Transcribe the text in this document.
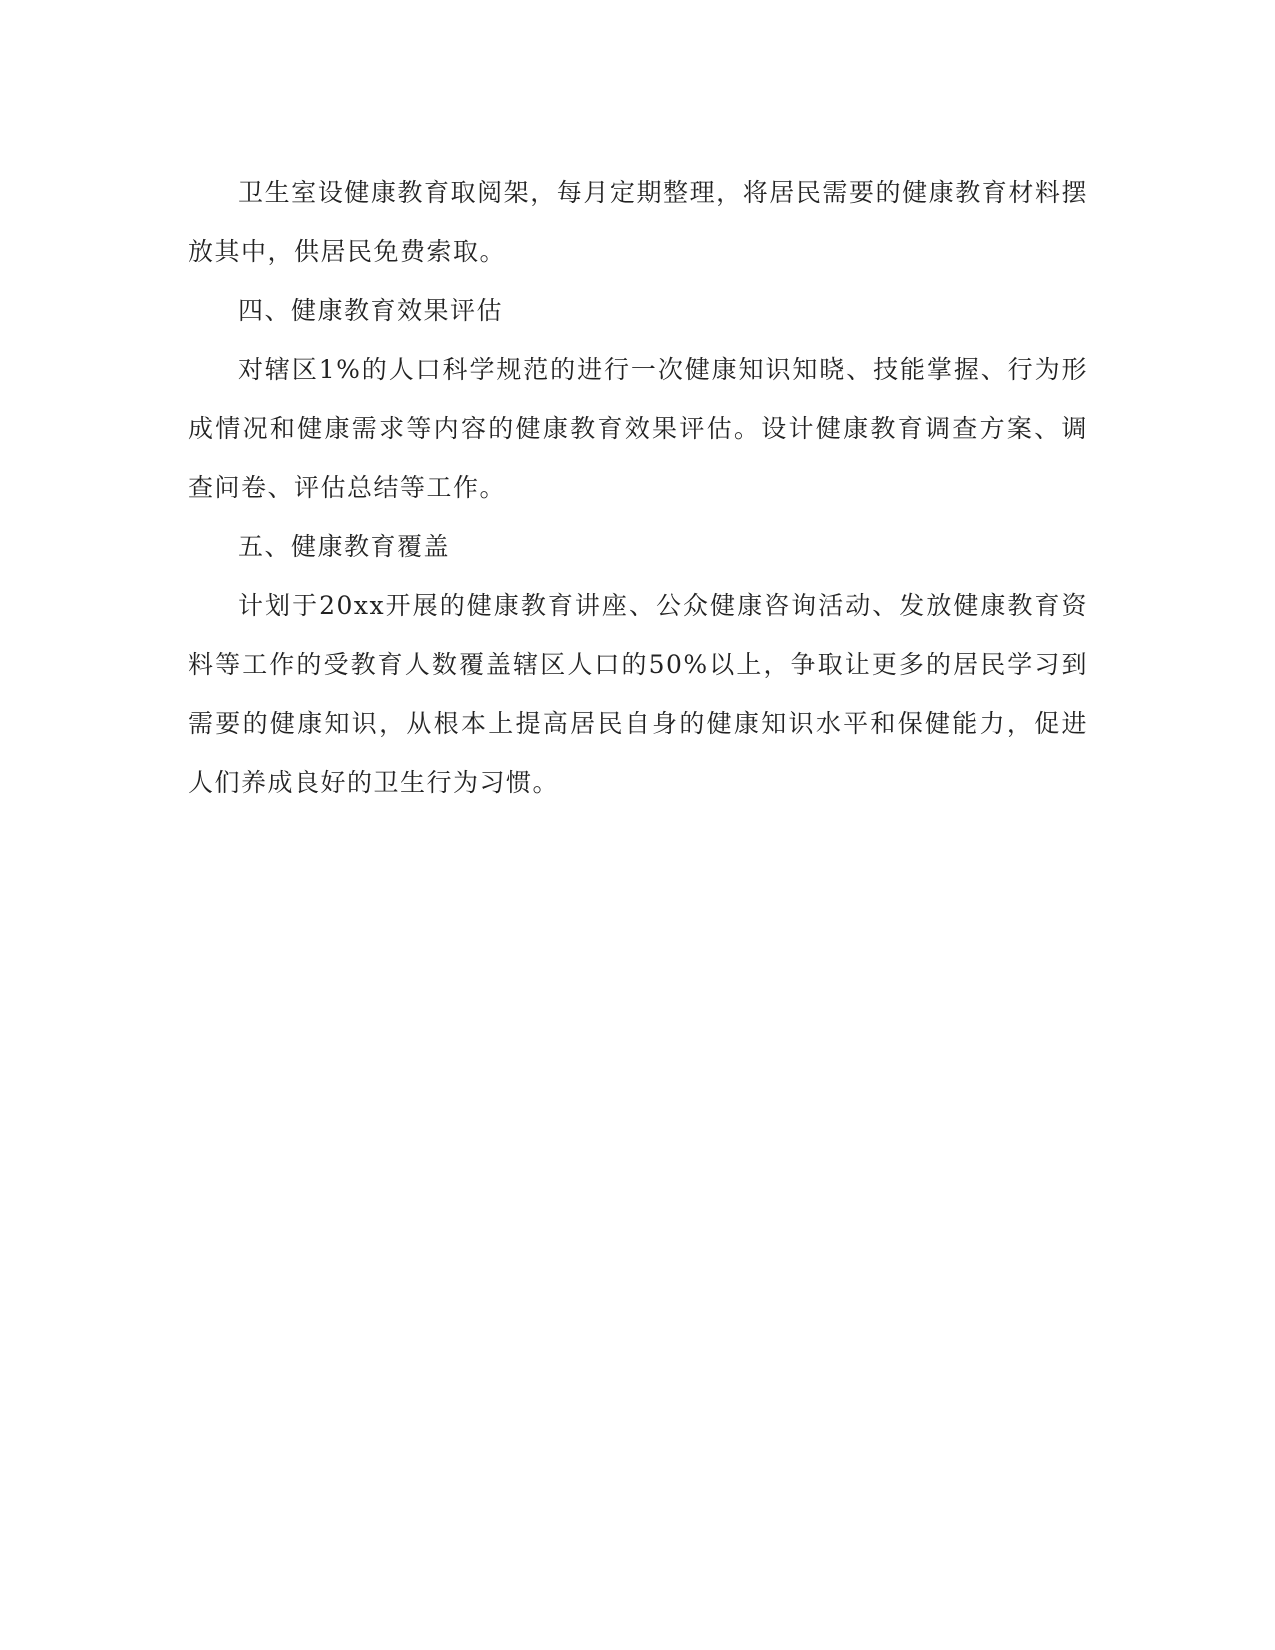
卫生室设健康教育取阅架，每月定期整理，将居民需要的健康教育材料摆放其中，供居民免费索取。

四、健康教育效果评估

对辖区1%的人口科学规范的进行一次健康知识知晓、技能掌握、行为形成情况和健康需求等内容的健康教育效果评估。设计健康教育调查方案、调查问卷、评估总结等工作。

五、健康教育覆盖

计划于20xx开展的健康教育讲座、公众健康咨询活动、发放健康教育资料等工作的受教育人数覆盖辖区人口的50%以上，争取让更多的居民学习到需要的健康知识，从根本上提高居民自身的健康知识水平和保健能力，促进人们养成良好的卫生行为习惯。
